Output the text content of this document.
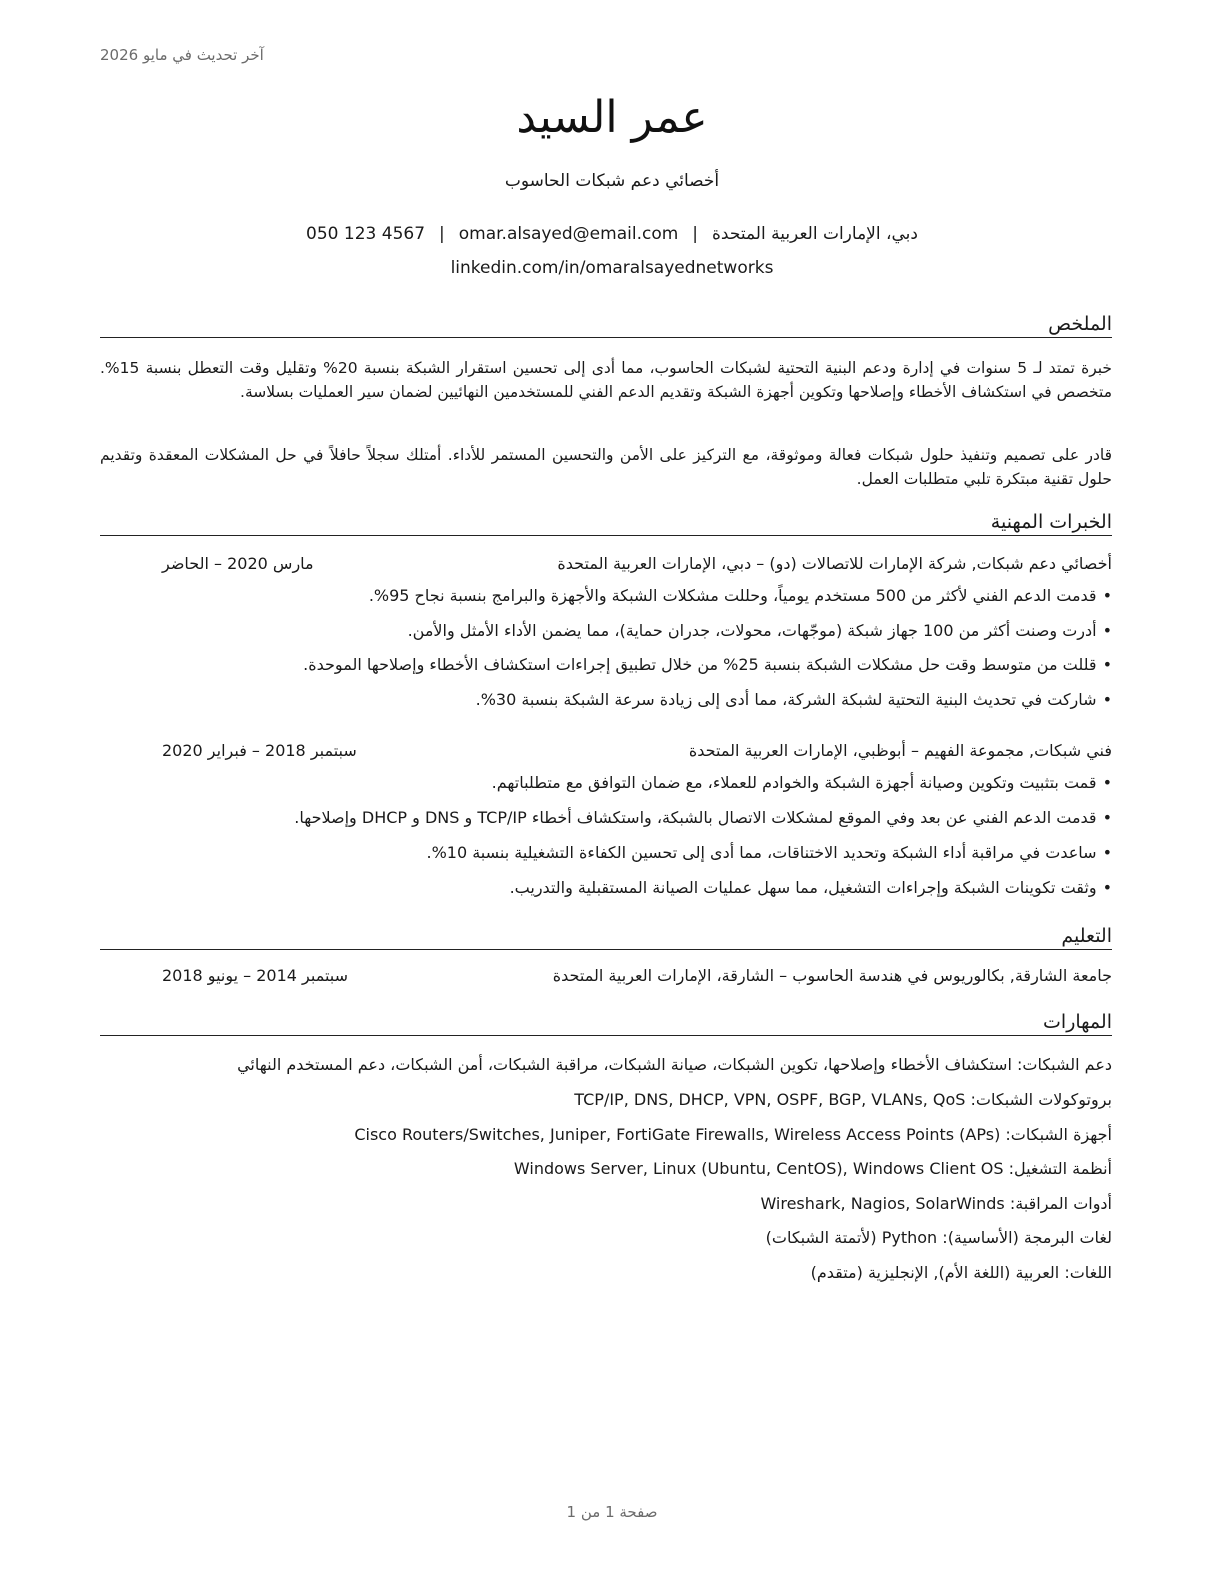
آخر تحديث في مايو 2026
عمر السيد
أخصائي دعم شبكات الحاسوب
دبي، الإمارات العربية المتحدة|omar.alsayed@email.com|050 123 4567
linkedin.com/in/omaralsayednetworks
الملخص

خبرة تمتد لـ 5 سنوات في إدارة ودعم البنية التحتية لشبكات الحاسوب، مما أدى إلى تحسين استقرار الشبكة بنسبة 20% وتقليل وقت التعطل بنسبة 15%. متخصص في استكشاف الأخطاء وإصلاحها وتكوين أجهزة الشبكة وتقديم الدعم الفني للمستخدمين النهائيين لضمان سير العمليات بسلاسة.

قادر على تصميم وتنفيذ حلول شبكات فعالة وموثوقة، مع التركيز على الأمن والتحسين المستمر للأداء. أمتلك سجلاً حافلاً في حل المشكلات المعقدة وتقديم حلول تقنية مبتكرة تلبي متطلبات العمل.

الخبرات المهنية
أخصائي دعم شبكات, شركة الإمارات للاتصالات (دو) – دبي، الإمارات العربية المتحدة
مارس 2020 – الحاضر
•قدمت الدعم الفني لأكثر من 500 مستخدم يومياً، وحللت مشكلات الشبكة والأجهزة والبرامج بنسبة نجاح 95%.
•أدرت وصنت أكثر من 100 جهاز شبكة (موجّهات، محولات، جدران حماية)، مما يضمن الأداء الأمثل والأمن.
•قللت من متوسط وقت حل مشكلات الشبكة بنسبة 25% من خلال تطبيق إجراءات استكشاف الأخطاء وإصلاحها الموحدة.
•شاركت في تحديث البنية التحتية لشبكة الشركة، مما أدى إلى زيادة سرعة الشبكة بنسبة 30%.
فني شبكات, مجموعة الفهيم – أبوظبي، الإمارات العربية المتحدة
سبتمبر 2018 – فبراير 2020
•قمت بتثبيت وتكوين وصيانة أجهزة الشبكة والخوادم للعملاء، مع ضمان التوافق مع متطلباتهم.
•قدمت الدعم الفني عن بعد وفي الموقع لمشكلات الاتصال بالشبكة، واستكشاف أخطاء TCP/IP و DNS و DHCP وإصلاحها.
•ساعدت في مراقبة أداء الشبكة وتحديد الاختناقات، مما أدى إلى تحسين الكفاءة التشغيلية بنسبة 10%.
•وثقت تكوينات الشبكة وإجراءات التشغيل، مما سهل عمليات الصيانة المستقبلية والتدريب.
التعليم
جامعة الشارقة, بكالوريوس في هندسة الحاسوب – الشارقة، الإمارات العربية المتحدة
سبتمبر 2014 – يونيو 2018
المهارات
دعم الشبكات: استكشاف الأخطاء وإصلاحها، تكوين الشبكات، صيانة الشبكات، مراقبة الشبكات، أمن الشبكات، دعم المستخدم النهائي
بروتوكولات الشبكات: TCP/IP, DNS, DHCP, VPN, OSPF, BGP, VLANs, QoS
أجهزة الشبكات: Cisco Routers/Switches, Juniper, FortiGate Firewalls, Wireless Access Points (APs)
أنظمة التشغيل: Windows Server, Linux (Ubuntu, CentOS), Windows Client OS
أدوات المراقبة: Wireshark, Nagios, SolarWinds
لغات البرمجة (الأساسية): Python (لأتمتة الشبكات)
اللغات: العربية (اللغة الأم), الإنجليزية (متقدم)
صفحة 1 من 1
